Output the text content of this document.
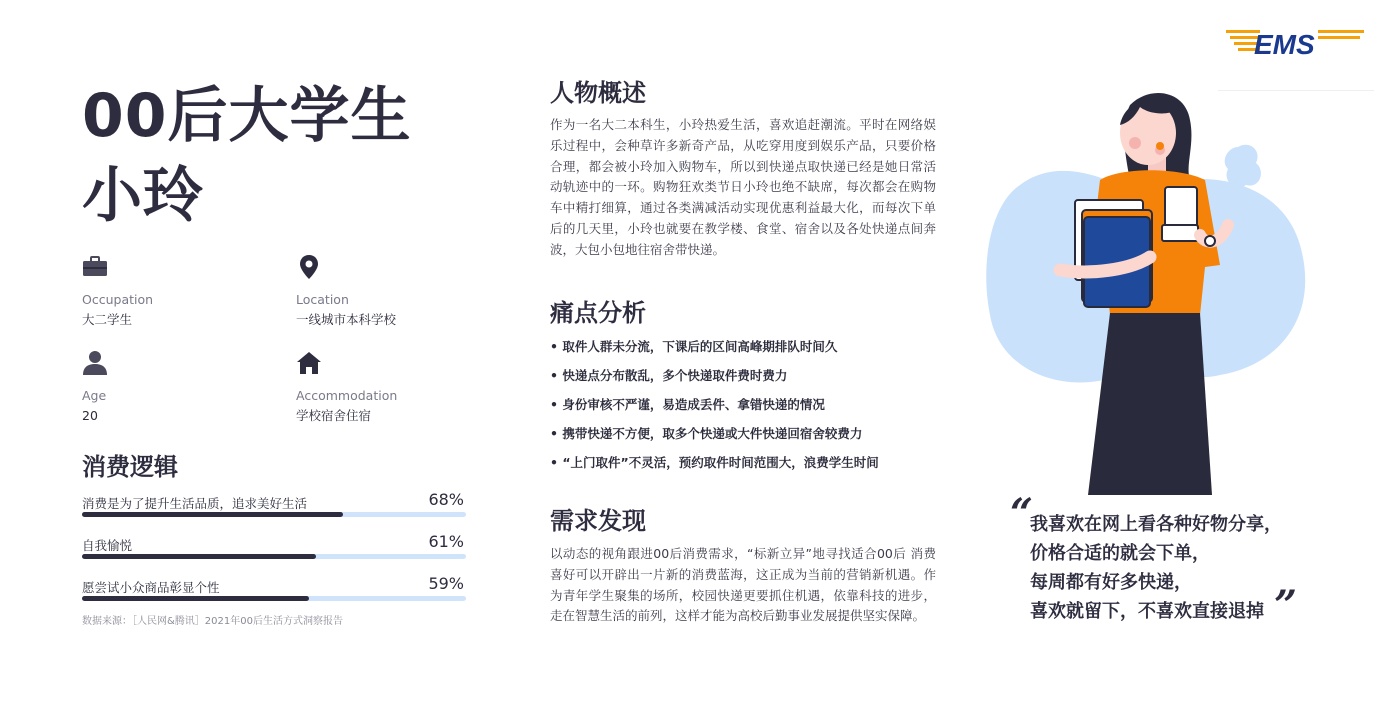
EMS
00后大学生
小玲
Occupation
大二学生
Location
一线城市本科学校
Age
20
Accommodation
学校宿舍住宿
消费逻辑
消费是为了提升生活品质，追求美好生活	68%
自我愉悦	61%
愿尝试小众商品彰显个性	59%
数据来源：［人民网&腾讯］2021年00后生活方式洞察报告
人物概述
作为一名大二本科生，小玲热爱生活，喜欢追赶潮流。平时在网络娱乐过程中，会种草许多新奇产品，从吃穿用度到娱乐产品，只要价格合理，都会被小玲加入购物车，所以到快递点取快递已经是她日常活动轨迹中的一环。购物狂欢类节日小玲也绝不缺席，每次都会在购物车中精打细算，通过各类满减活动实现优惠利益最大化，而每次下单后的几天里，小玲也就要在教学楼、食堂、宿舍以及各处快递点间奔波，大包小包地往宿舍带快递。
痛点分析
• 取件人群未分流，下课后的区间高峰期排队时间久
• 快递点分布散乱，多个快递取件费时费力
• 身份审核不严谨，易造成丢件、拿错快递的情况
• 携带快递不方便，取多个快递或大件快递回宿舍较费力
• “上门取件”不灵活，预约取件时间范围大，浪费学生时间
需求发现
以动态的视角跟进00后消费需求，“标新立异”地寻找适合00后 消费喜好可以开辟出一片新的消费蓝海，这正成为当前的营销新机遇。作为青年学生聚集的场所，校园快递更要抓住机遇，依靠科技的进步，走在智慧生活的前列，这样才能为高校后勤事业发展提供坚实保障。
“
我喜欢在网上看各种好物分享，
价格合适的就会下单，
每周都有好多快递，
喜欢就留下，不喜欢直接退掉 ”
